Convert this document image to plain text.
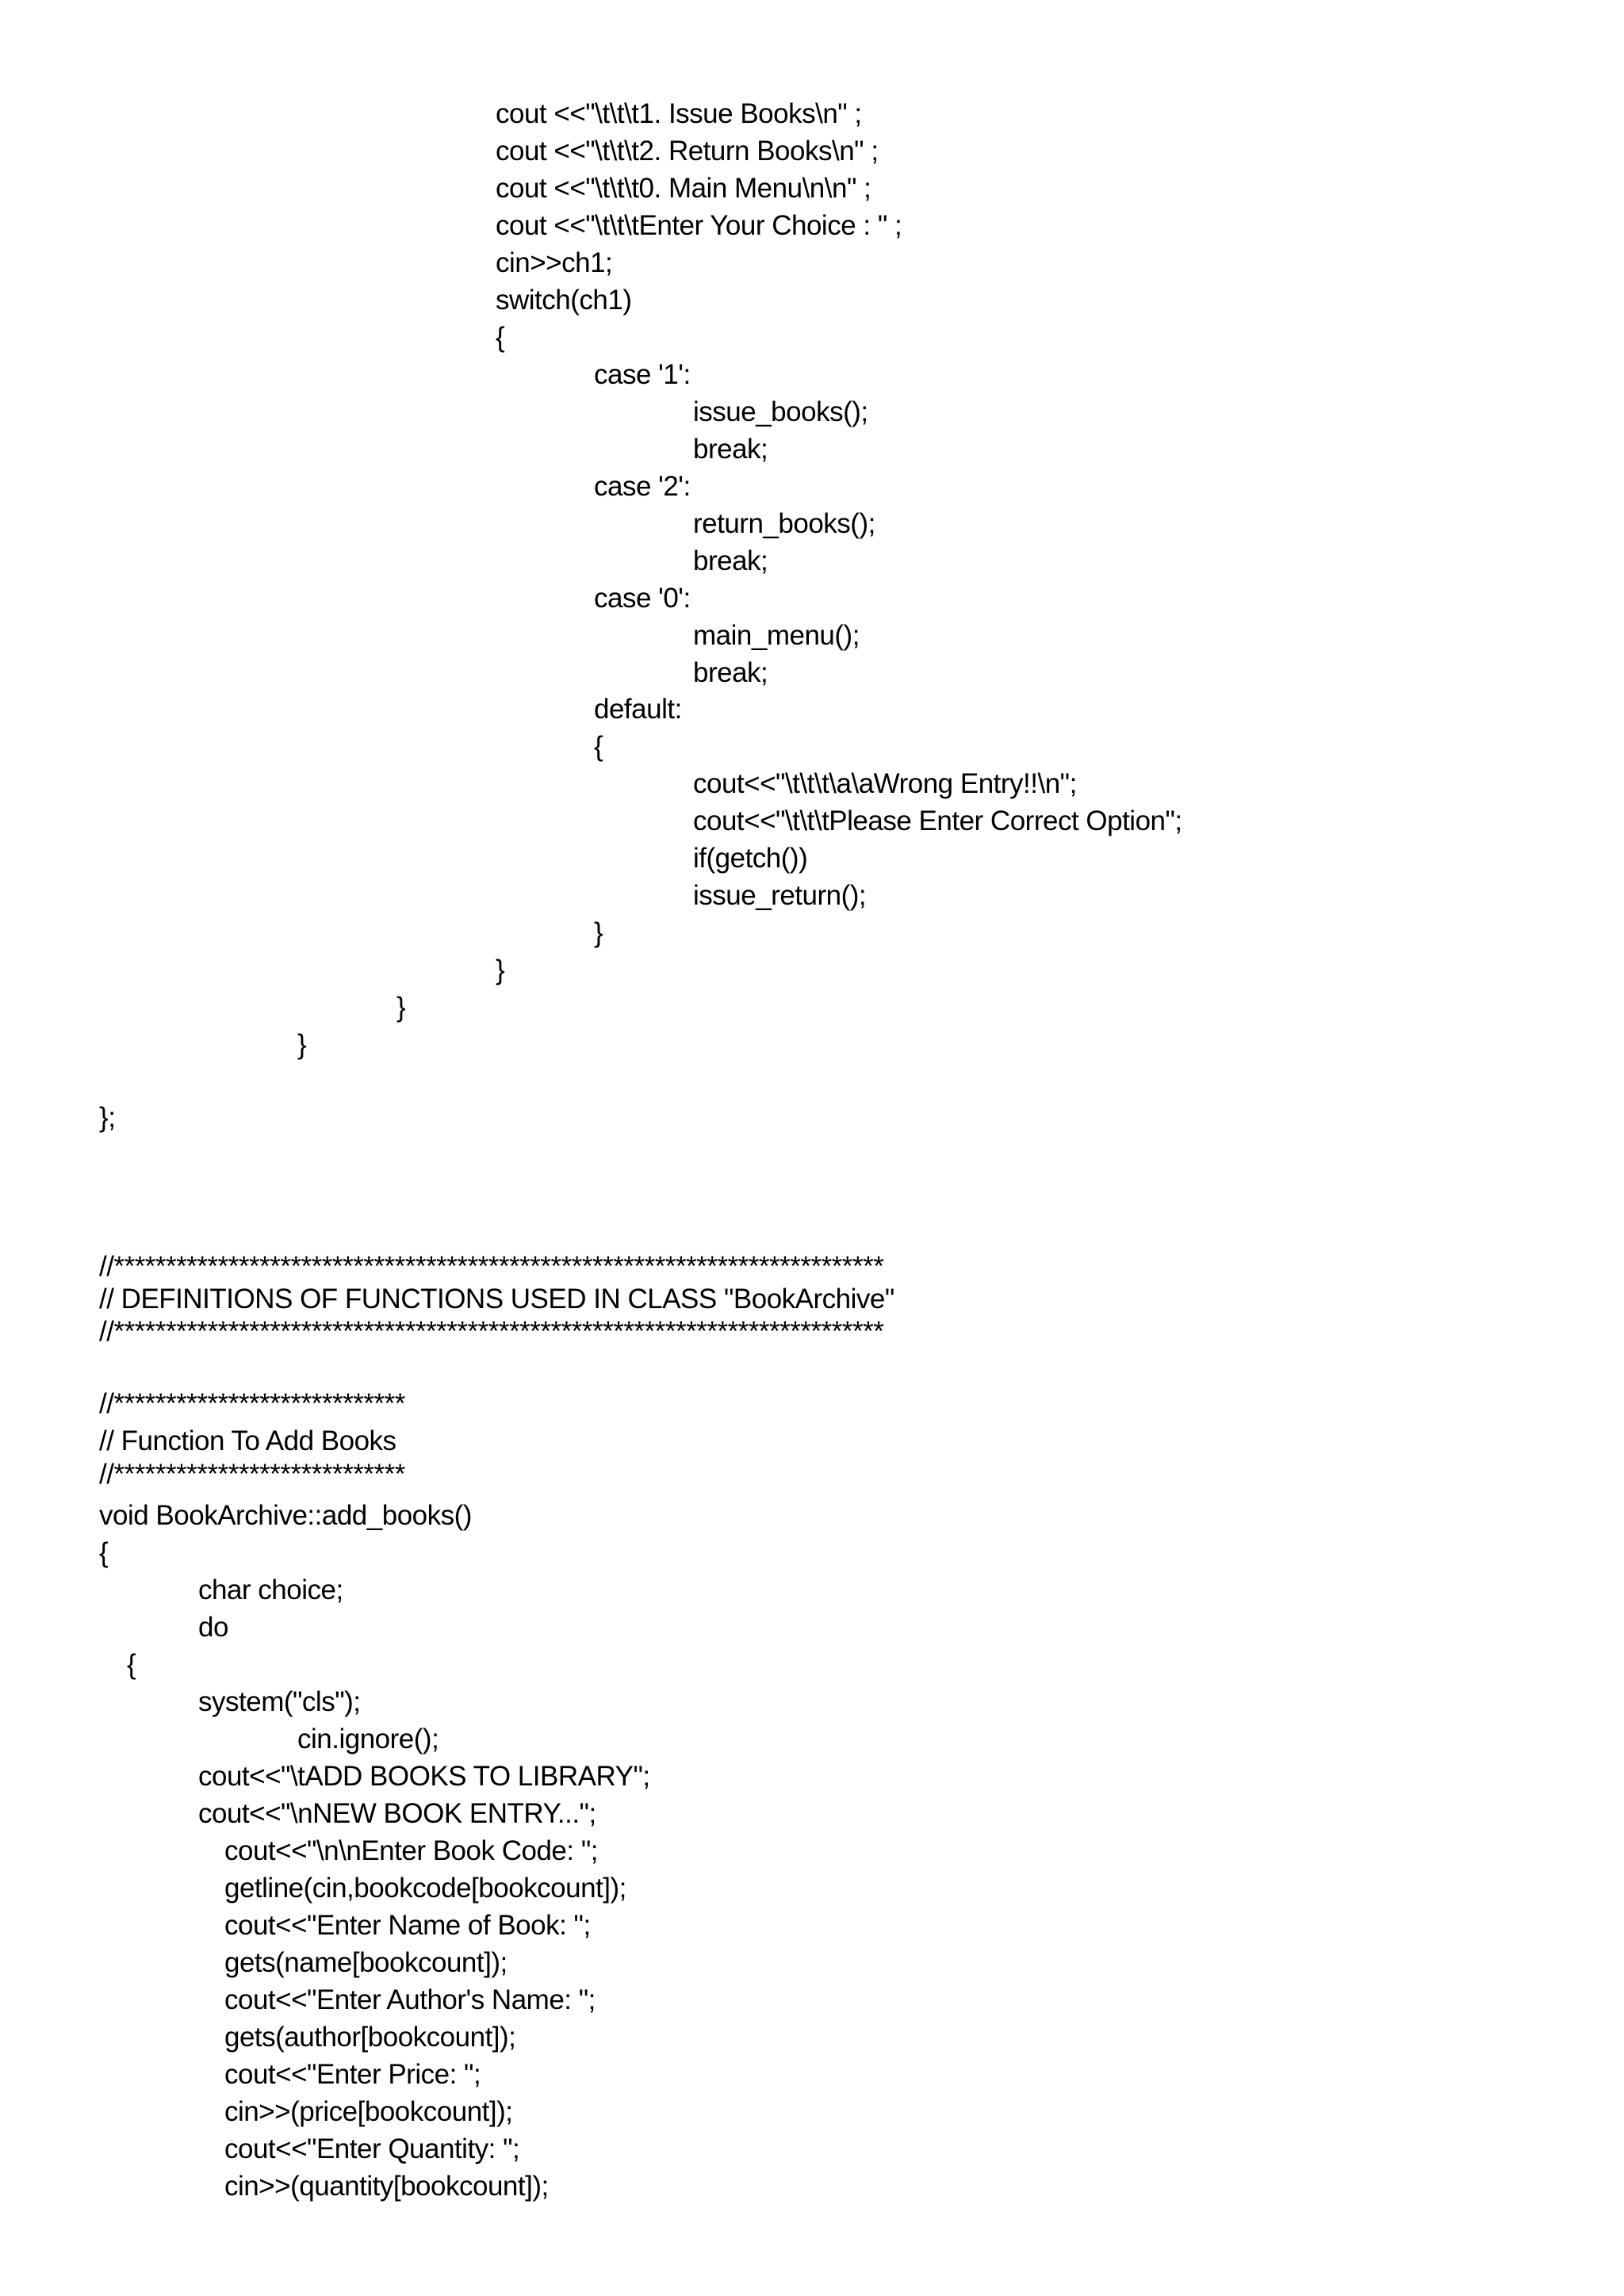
cout <<"\t\t\t1. Issue Books\n" ;
cout <<"\t\t\t2. Return Books\n" ;
cout <<"\t\t\t0. Main Menu\n\n" ;
cout <<"\t\t\tEnter Your Choice : " ;
cin>>ch1;
switch(ch1)
{
case '1':
issue_books();
break;
case '2':
return_books();
break;
case '0':
main_menu();
break;
default:
{
cout<<"\t\t\t\a\aWrong Entry!!\n";
cout<<"\t\t\tPlease Enter Correct Option";
if(getch())
issue_return();
}
}
}
}
};
//**************************************************************************
// DEFINITIONS OF FUNCTIONS USED IN CLASS "BookArchive"
//**************************************************************************
//****************************
// Function To Add Books
//****************************
void BookArchive::add_books()
{
char choice;
do
{
system("cls");
cin.ignore();
cout<<"\tADD BOOKS TO LIBRARY";
cout<<"\nNEW BOOK ENTRY...";
cout<<"\n\nEnter Book Code: ";
getline(cin,bookcode[bookcount]);
cout<<"Enter Name of Book: ";
gets(name[bookcount]);
cout<<"Enter Author's Name: ";
gets(author[bookcount]);
cout<<"Enter Price: ";
cin>>(price[bookcount]);
cout<<"Enter Quantity: ";
cin>>(quantity[bookcount]);
